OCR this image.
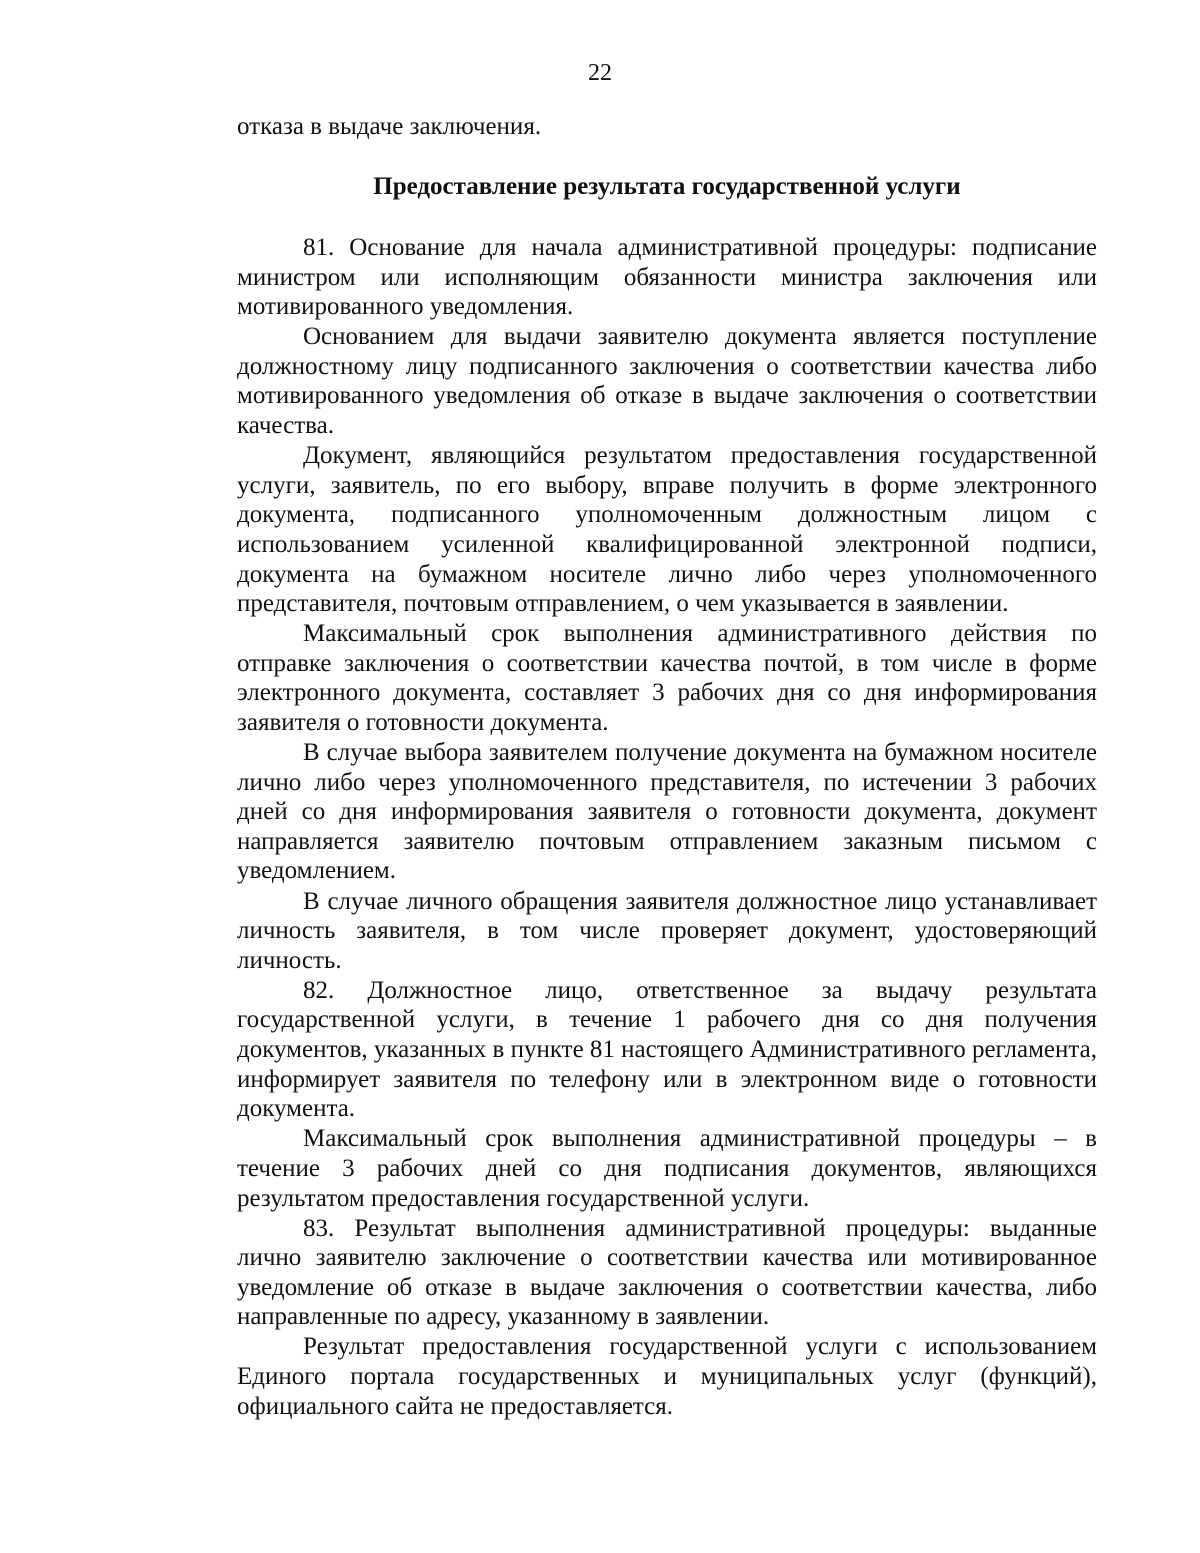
22
отказа в выдаче заключения.
Предоставление результата государственной услуги

81. Основание для начала административной процедуры: подписание министром или исполняющим обязанности министра заключения или мотивированного уведомления.

Основанием для выдачи заявителю документа является поступление должностному лицу подписанного заключения о соответствии качества либо мотивированного уведомления об отказе в выдаче заключения о соответствии качества.

Документ, являющийся результатом предоставления государственной услуги, заявитель, по его выбору, вправе получить в форме электронного документа, подписанного уполномоченным должностным лицом с использованием усиленной квалифицированной электронной подписи, документа на бумажном носителе лично либо через уполномоченного представителя, почтовым отправлением, о чем указывается в заявлении.

Максимальный срок выполнения административного действия по отправке заключения о соответствии качества почтой, в том числе в форме электронного документа, составляет 3 рабочих дня со дня информирования заявителя о готовности документа.

В случае выбора заявителем получение документа на бумажном носителе лично либо через уполномоченного представителя, по истечении 3 рабочих дней со дня информирования заявителя о готовности документа, документ направляется заявителю почтовым отправлением заказным письмом с уведомлением.

В случае личного обращения заявителя должностное лицо устанавливает личность заявителя, в том числе проверяет документ, удостоверяющий личность.

82. Должностное лицо, ответственное за выдачу результата государственной услуги, в течение 1 рабочего дня со дня получения документов, указанных в пункте 81 настоящего Административного регламента, информирует заявителя по телефону или в электронном виде о готовности документа.

Максимальный срок выполнения административной процедуры – в течение 3 рабочих дней со дня подписания документов, являющихся результатом предоставления государственной услуги.

83. Результат выполнения административной процедуры: выданные лично заявителю заключение о соответствии качества или мотивированное уведомление об отказе в выдаче заключения о соответствии качества, либо направленные по адресу, указанному в заявлении.

Результат предоставления государственной услуги с использованием Единого портала государственных и муниципальных услуг (функций), официального сайта не предоставляется.
